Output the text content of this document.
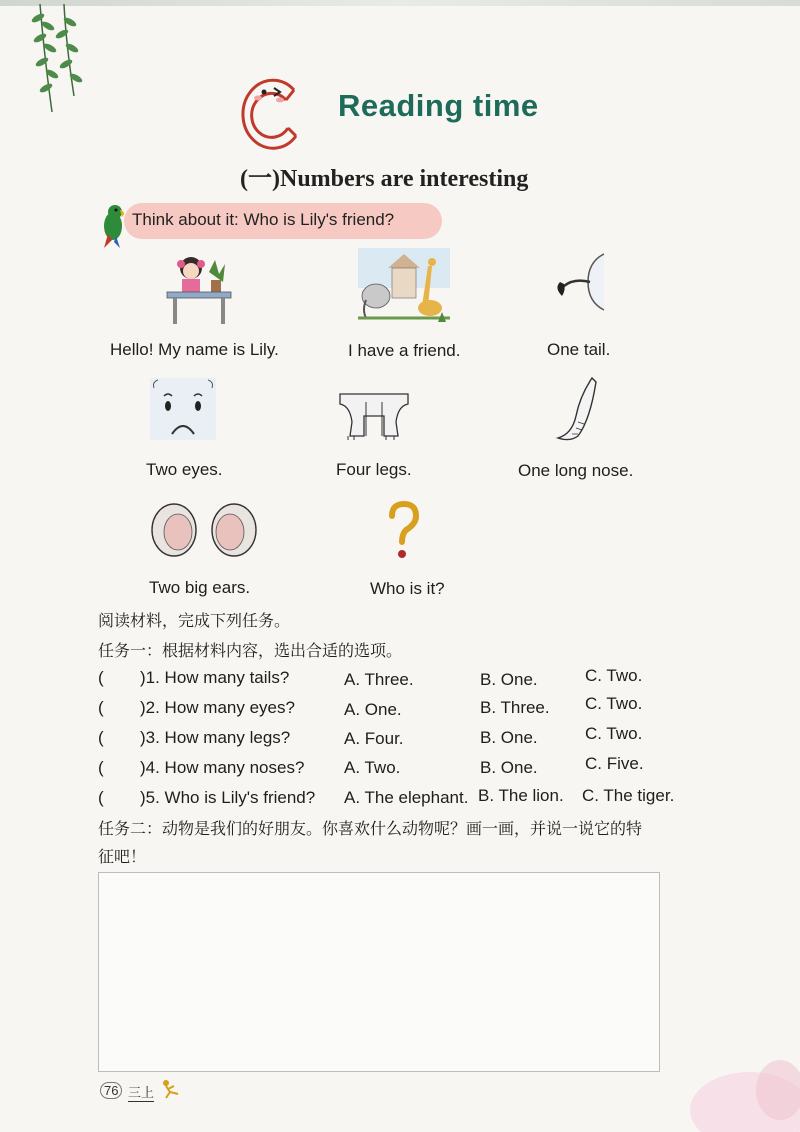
Reading time
(一)Numbers are interesting
Think about it: Who is Lily's friend?
Hello! My name is Lily.	I have a friend.	One tail.
Two eyes.	Four legs.	One long nose.
Two big ears.	Who is it?
阅读材料，完成下列任务。
任务一：根据材料内容，选出合适的选项。
( )1. How many tails?	A. Three.	B. One.	C. Two.
( )2. How many eyes?	A. One.	B. Three. C. Two.
( )3. How many legs?	A. Four.	B. One.	C. Two.
( )4. How many noses? A. Two.	B. One.	C. Five.
( )5. Who is Lily's friend? A. The elephant. B. The lion. C. The tiger.
任务二：动物是我们的好朋友。你喜欢什么动物呢？画一画，并说一说它的特
征吧！
76 三上
